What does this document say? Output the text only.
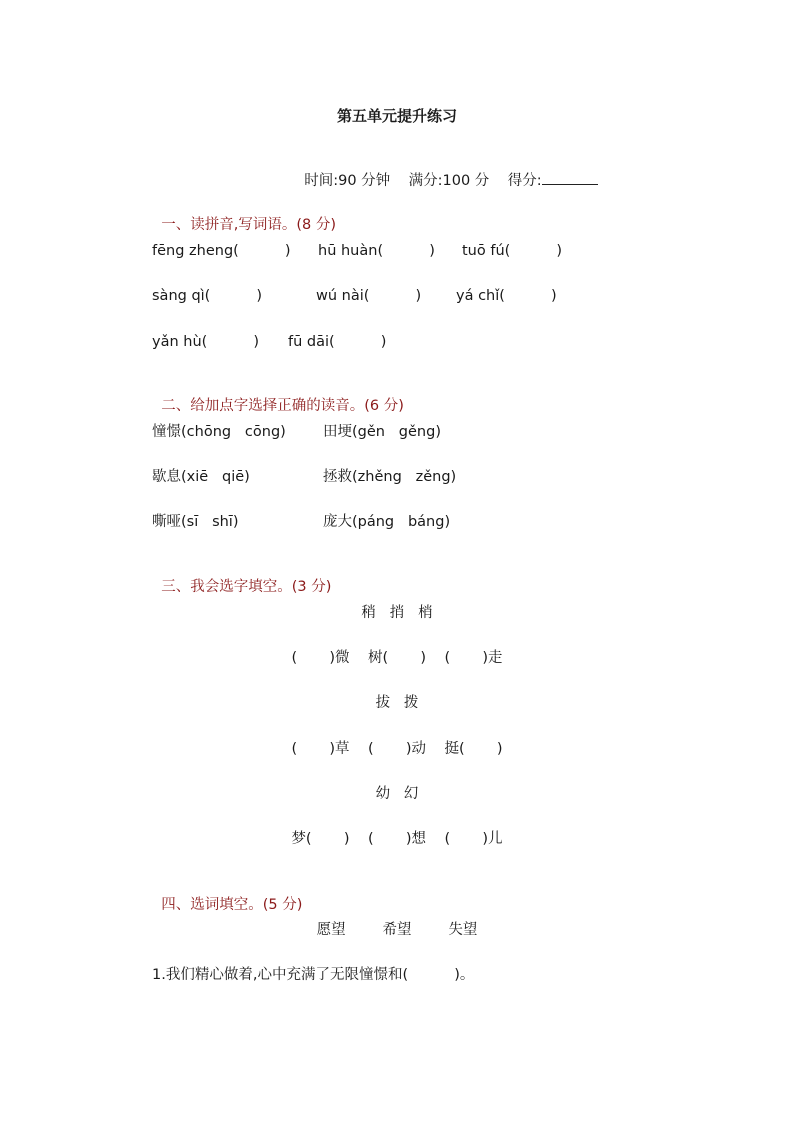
第五单元提升练习

时间:90 分钟 满分:100 分 得分:

一、读拼音,写词语。(8 分)

fēng zheng(          ) hū huàn(          ) tuō fú(          )
sàng qì(          )	wú nài(          ) yá chǐ(          )
yǎn hù(          ) fū dāi(          )

二、给加点字选择正确的读音。(6 分)

憧憬(chōng   cōng)	田埂(gěn   gěng)
歇息(xiē   qiē)	拯救(zhěng   zěng)
嘶哑(sī   shī)	庞大(páng   báng)

三、我会选字填空。(3 分)

稍   捎   梢
(       )微    树(       )    (       )走
拔   拨
(       )草    (       )动    挺(       )
幼   幻
梦(       )    (       )想    (       )儿

四、选词填空。(5 分)

愿望        希望        失望
1.我们精心做着,心中充满了无限憧憬和(          )。
